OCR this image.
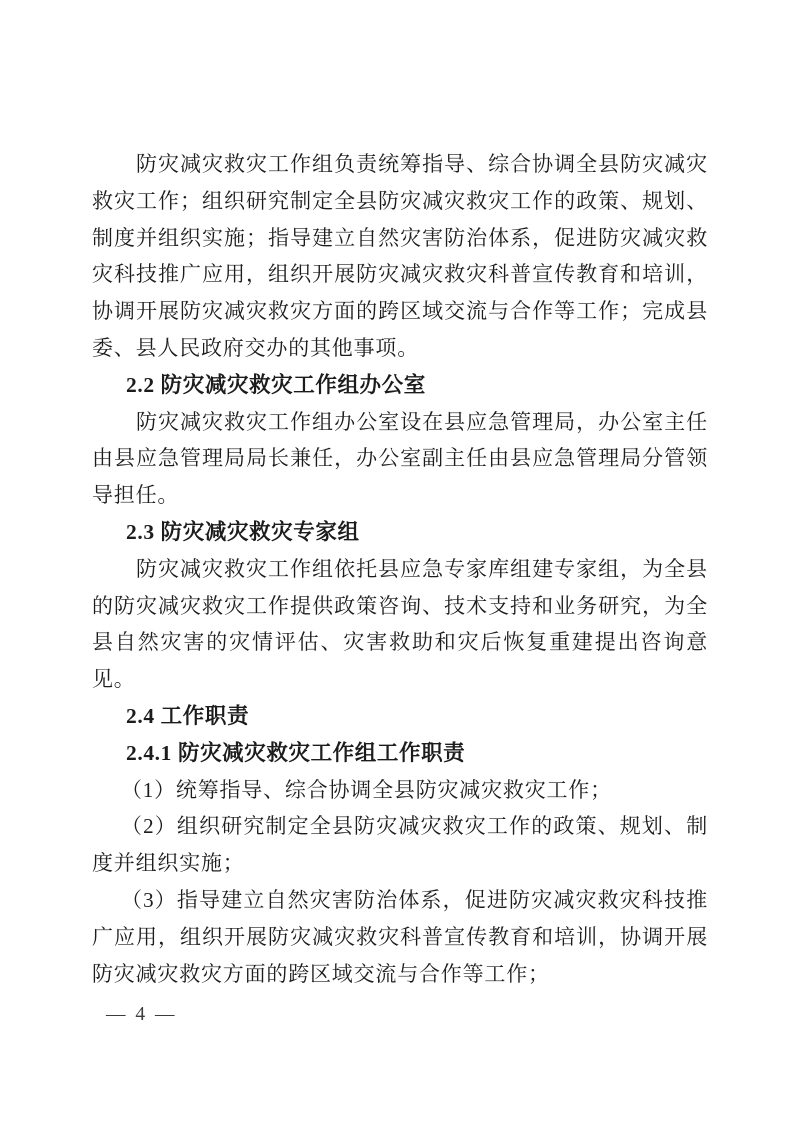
防灾减灾救灾工作组负责统筹指导、综合协调全县防灾减灾救灾工作；组织研究制定全县防灾减灾救灾工作的政策、规划、制度并组织实施；指导建立自然灾害防治体系，促进防灾减灾救灾科技推广应用，组织开展防灾减灾救灾科普宣传教育和培训，协调开展防灾减灾救灾方面的跨区域交流与合作等工作；完成县委、县人民政府交办的其他事项。

2.2 防灾减灾救灾工作组办公室

防灾减灾救灾工作组办公室设在县应急管理局，办公室主任由县应急管理局局长兼任，办公室副主任由县应急管理局分管领导担任。

2.3 防灾减灾救灾专家组

防灾减灾救灾工作组依托县应急专家库组建专家组，为全县的防灾减灾救灾工作提供政策咨询、技术支持和业务研究，为全县自然灾害的灾情评估、灾害救助和灾后恢复重建提出咨询意见。

2.4 工作职责
2.4.1 防灾减灾救灾工作组工作职责

（1）统筹指导、综合协调全县防灾减灾救灾工作；

（2）组织研究制定全县防灾减灾救灾工作的政策、规划、制度并组织实施；

（3）指导建立自然灾害防治体系，促进防灾减灾救灾科技推广应用，组织开展防灾减灾救灾科普宣传教育和培训，协调开展防灾减灾救灾方面的跨区域交流与合作等工作；

— 4 —
